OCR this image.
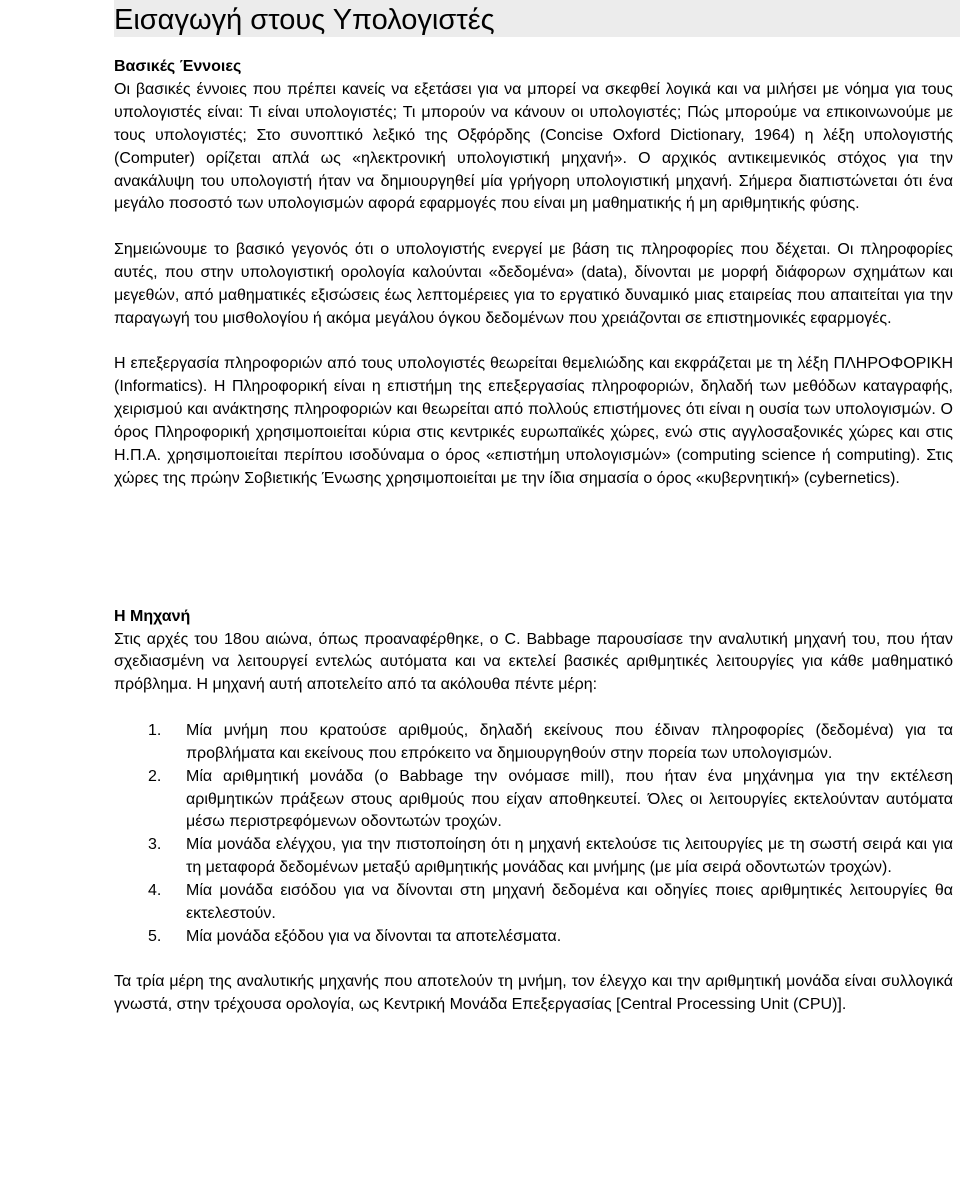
Εισαγωγή στους Υπολογιστές
Βασικές Έννοιες

Οι βασικές έννοιες που πρέπει κανείς να εξετάσει για να μπορεί να σκεφθεί λογικά και να μιλήσει με νόημα για τους υπολογιστές είναι: Τι είναι υπολογιστές; Τι μπορούν να κάνουν οι υπολογιστές; Πώς μπορούμε να επικοινωνούμε με τους υπολογιστές; Στο συνοπτικό λεξικό της Οξφόρδης (Concise Oxford Dictionary, 1964) η λέξη υπολογιστής (Computer) ορίζεται απλά ως «ηλεκτρονική υπολογιστική μηχανή». Ο αρχικός αντικειμενικός στόχος για την ανακάλυψη του υπολογιστή ήταν να δημιουργηθεί μία γρήγορη υπολογιστική μηχανή. Σήμερα διαπιστώνεται ότι ένα μεγάλο ποσοστό των υπολογισμών αφορά εφαρμογές που είναι μη μαθηματικής ή μη αριθμητικής φύσης.

Σημειώνουμε το βασικό γεγονός ότι ο υπολογιστής ενεργεί με βάση τις πληροφορίες που δέχεται. Οι πληροφορίες αυτές, που στην υπολογιστική ορολογία καλούνται «δεδομένα» (data), δίνονται με μορφή διάφορων σχημάτων και μεγεθών, από μαθηματικές εξισώσεις έως λεπτομέρειες για το εργατικό δυναμικό μιας εταιρείας που απαιτείται για την παραγωγή του μισθολογίου ή ακόμα μεγάλου όγκου δεδομένων που χρειάζονται σε επιστημονικές εφαρμογές.

Η επεξεργασία πληροφοριών από τους υπολογιστές θεωρείται θεμελιώδης και εκφράζεται με τη λέξη ΠΛΗΡΟΦΟΡΙΚΗ (Informatics). Η Πληροφορική είναι η επιστήμη της επεξεργασίας πληροφοριών, δηλαδή των μεθόδων καταγραφής, χειρισμού και ανάκτησης πληροφοριών και θεωρείται από πολλούς επιστήμονες ότι είναι η ουσία των υπολογισμών. Ο όρος Πληροφορική χρησιμοποιείται κύρια στις κεντρικές ευρωπαϊκές χώρες, ενώ στις αγγλοσαξονικές χώρες και στις Η.Π.Α. χρησιμοποιείται περίπου ισοδύναμα ο όρος «επιστήμη υπολογισμών» (computing science ή computing). Στις χώρες της πρώην Σοβιετικής Ένωσης χρησιμοποιείται με την ίδια σημασία ο όρος «κυβερνητική» (cybernetics).

Η Μηχανή

Στις αρχές του 18ου αιώνα, όπως προαναφέρθηκε, ο C. Babbage παρουσίασε την αναλυτική μηχανή του, που ήταν σχεδιασμένη να λειτουργεί εντελώς αυτόματα και να εκτελεί βασικές αριθμητικές λειτουργίες για κάθε μαθηματικό πρόβλημα. Η μηχανή αυτή αποτελείτο από τα ακόλουθα πέντε μέρη:

1. Μία μνήμη που κρατούσε αριθμούς, δηλαδή εκείνους που έδιναν πληροφορίες (δεδομένα) για τα προβλήματα και εκείνους που επρόκειτο να δημιουργηθούν στην πορεία των υπολογισμών.
2. Μία αριθμητική μονάδα (ο Babbage την ονόμασε mill), που ήταν ένα μηχάνημα για την εκτέλεση αριθμητικών πράξεων στους αριθμούς που είχαν αποθηκευτεί. Όλες οι λειτουργίες εκτελούνταν αυτόματα μέσω περιστρεφόμενων οδοντωτών τροχών.
3. Μία μονάδα ελέγχου, για την πιστοποίηση ότι η μηχανή εκτελούσε τις λειτουργίες με τη σωστή σειρά και για τη μεταφορά δεδομένων μεταξύ αριθμητικής μονάδας και μνήμης (με μία σειρά οδοντωτών τροχών).
4. Μία μονάδα εισόδου για να δίνονται στη μηχανή δεδομένα και οδηγίες ποιες αριθμητικές λειτουργίες θα εκτελεστούν.
5. Μία μονάδα εξόδου για να δίνονται τα αποτελέσματα.

Τα τρία μέρη της αναλυτικής μηχανής που αποτελούν τη μνήμη, τον έλεγχο και την αριθμητική μονάδα είναι συλλογικά γνωστά, στην τρέχουσα ορολογία, ως Κεντρική Μονάδα Επεξεργασίας [Central Processing Unit (CPU)].
